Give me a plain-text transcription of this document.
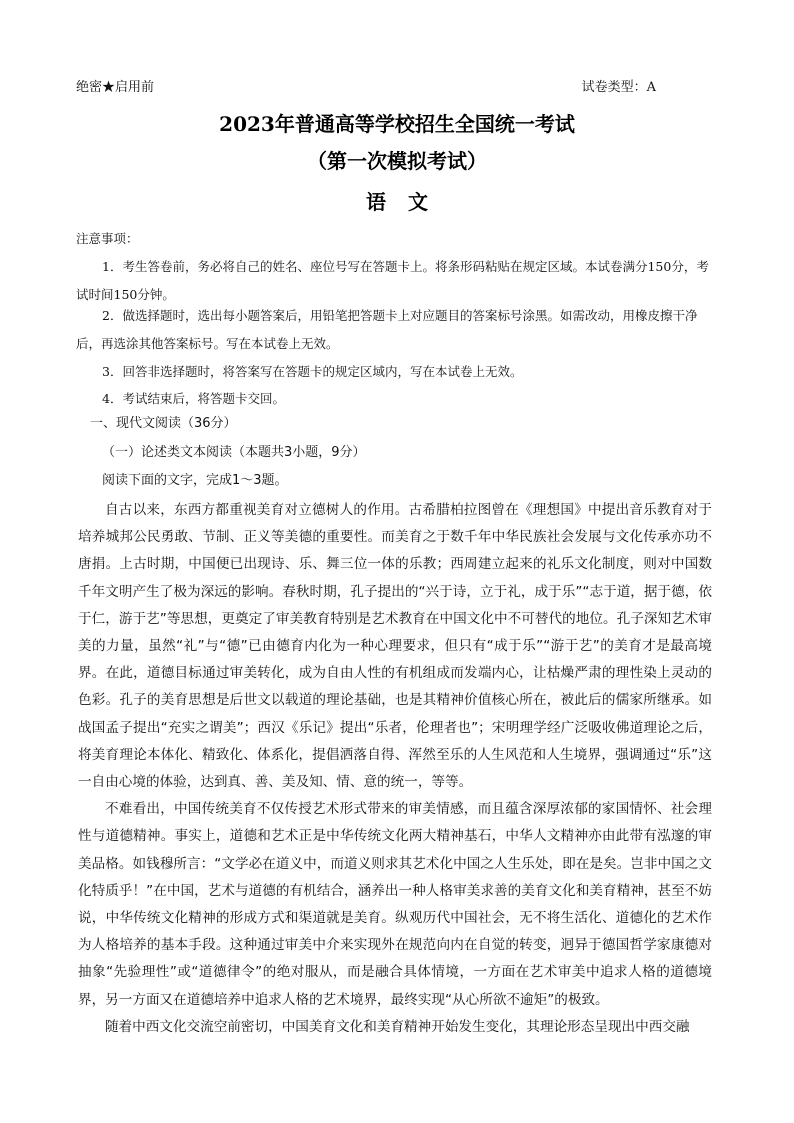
绝密★启用前	试卷类型：A
2023年普通高等学校招生全国统一考试
（第一次模拟考试）
语文
注意事项：
1．考生答卷前，务必将自己的姓名、座位号写在答题卡上。将条形码粘贴在规定区域。本试卷满分150分，考试时间150分钟。
2．做选择题时，选出每小题答案后，用铅笔把答题卡上对应题目的答案标号涂黑。如需改动，用橡皮擦干净后，再选涂其他答案标号。写在本试卷上无效。
3．回答非选择题时，将答案写在答题卡的规定区域内，写在本试卷上无效。
4．考试结束后，将答题卡交回。
一、现代文阅读（36分）
（一）论述类文本阅读（本题共3小题，9分）
阅读下面的文字，完成1～3题。

自古以来，东西方都重视美育对立德树人的作用。古希腊柏拉图曾在《理想国》中提出音乐教育对于培养城邦公民勇敢、节制、正义等美德的重要性。而美育之于数千年中华民族社会发展与文化传承亦功不唐捐。上古时期，中国便已出现诗、乐、舞三位一体的乐教；西周建立起来的礼乐文化制度，则对中国数千年文明产生了极为深远的影响。春秋时期，孔子提出的“兴于诗，立于礼，成于乐”“志于道，据于德，依于仁，游于艺”等思想，更奠定了审美教育特别是艺术教育在中国文化中不可替代的地位。孔子深知艺术审美的力量，虽然“礼”与“德”已由德育内化为一种心理要求，但只有“成于乐”“游于艺”的美育才是最高境界。在此，道德目标通过审美转化，成为自由人性的有机组成而发端内心，让枯燥严肃的理性染上灵动的色彩。孔子的美育思想是后世文以载道的理论基础，也是其精神价值核心所在，被此后的儒家所继承。如战国孟子提出“充实之谓美”；西汉《乐记》提出“乐者，伦理者也”；宋明理学经广泛吸收佛道理论之后，将美育理论本体化、精致化、体系化，提倡洒落自得、浑然至乐的人生风范和人生境界，强调通过“乐”这一自由心境的体验，达到真、善、美及知、情、意的统一，等等。

不难看出，中国传统美育不仅传授艺术形式带来的审美情感，而且蕴含深厚浓郁的家国情怀、社会理性与道德精神。事实上，道德和艺术正是中华传统文化两大精神基石，中华人文精神亦由此带有泓邃的审美品格。如钱穆所言：“文学必在道义中，而道义则求其艺术化中国之人生乐处，即在是矣。岂非中国之文化特质乎！”在中国，艺术与道德的有机结合，涵养出一种人格审美求善的美育文化和美育精神，甚至不妨说，中华传统文化精神的形成方式和渠道就是美育。纵观历代中国社会，无不将生活化、道德化的艺术作为人格培养的基本手段。这种通过审美中介来实现外在规范向内在自觉的转变，迥异于德国哲学家康德对抽象“先验理性”或“道德律令”的绝对服从，而是融合具体情境，一方面在艺术审美中追求人格的道德境界，另一方面又在道德培养中追求人格的艺术境界，最终实现“从心所欲不逾矩”的极致。

随着中西文化交流空前密切，中国美育文化和美育精神开始发生变化，其理论形态呈现出中西交融
